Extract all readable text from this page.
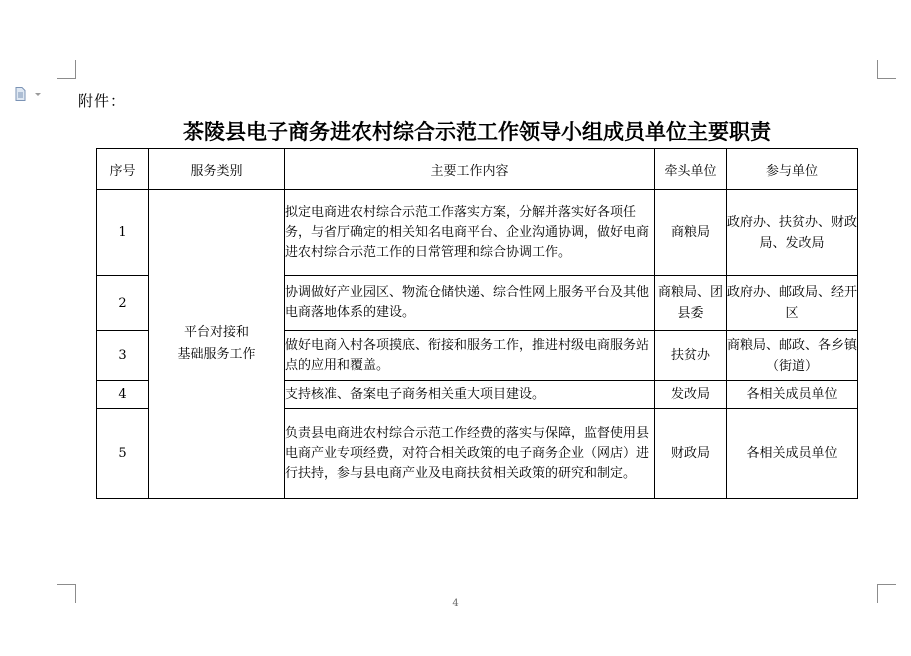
附件：
茶陵县电子商务进农村综合示范工作领导小组成员单位主要职责
序号	服务类别	主要工作内容	牵头单位	参与单位
1	平台对接和
基础服务工作	拟定电商进农村综合示范工作落实方案，分解并落实好各项任务，与省厅确定的相关知名电商平台、企业沟通协调，做好电商进农村综合示范工作的日常管理和综合协调工作。	商粮局	政府办、扶贫办、财政局、发改局
2		协调做好产业园区、物流仓储快递、综合性网上服务平台及其他电商落地体系的建设。	商粮局、团县委	政府办、邮政局、经开区
3		做好电商入村各项摸底、衔接和服务工作，推进村级电商服务站点的应用和覆盖。	扶贫办	商粮局、邮政、各乡镇（街道）
4		支持核准、备案电子商务相关重大项目建设。	发改局	各相关成员单位
5		负责县电商进农村综合示范工作经费的落实与保障，监督使用县电商产业专项经费，对符合相关政策的电子商务企业（网店）进行扶持，参与县电商产业及电商扶贫相关政策的研究和制定。	财政局	各相关成员单位
4
